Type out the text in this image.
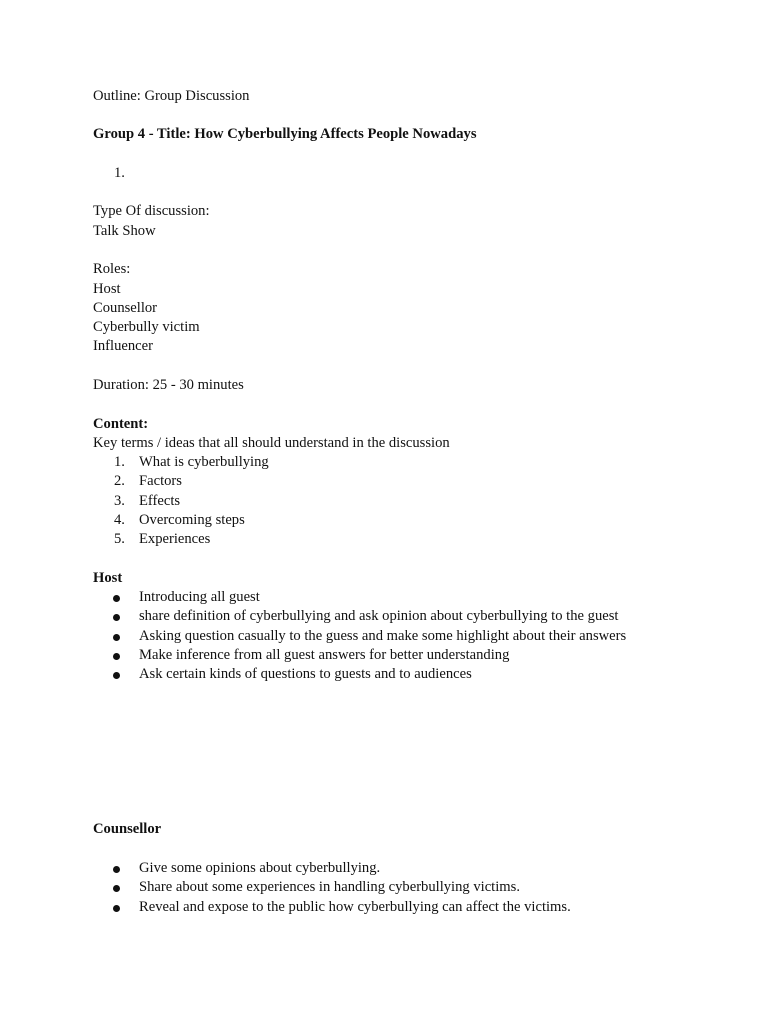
Outline: Group Discussion
Group 4 - Title: How Cyberbullying Affects People Nowadays
1.
Type Of discussion:
Talk Show
Roles:
Host
Counsellor
Cyberbully victim
Influencer
Duration: 25 - 30 minutes
Content:
Key terms / ideas that all should understand in the discussion
1. What is cyberbullying
2. Factors
3. Effects
4. Overcoming steps
5. Experiences
Host
Introducing all guest
share definition of cyberbullying and ask opinion about cyberbullying to the guest
Asking question casually to the guess and make some highlight about their answers
Make inference from all guest answers for better understanding
Ask certain kinds of questions to guests and to audiences
Counsellor
Give some opinions about cyberbullying.
Share about some experiences in handling cyberbullying victims.
Reveal and expose to the public how cyberbullying can affect the victims.
